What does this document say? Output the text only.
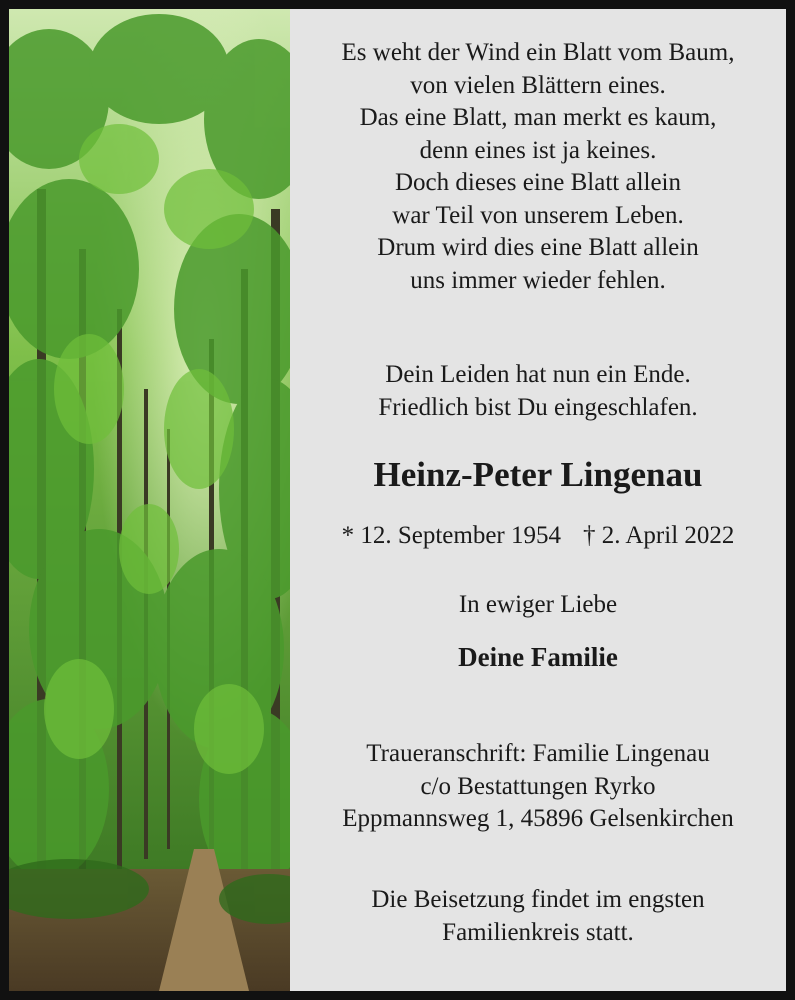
Es weht der Wind ein Blatt vom Baum,
von vielen Blättern eines.
Das eine Blatt, man merkt es kaum,
denn eines ist ja keines.
Doch dieses eine Blatt allein
war Teil von unserem Leben.
Drum wird dies eine Blatt allein
uns immer wieder fehlen.
Dein Leiden hat nun ein Ende.
Friedlich bist Du eingeschlafen.
Heinz-Peter Lingenau
* 12. September 1954 † 2. April 2022
In ewiger Liebe
Deine Familie
Traueranschrift: Familie Lingenau
c/o Bestattungen Ryrko
Eppmannsweg 1, 45896 Gelsenkirchen
Die Beisetzung findet im engsten
Familienkreis statt.
